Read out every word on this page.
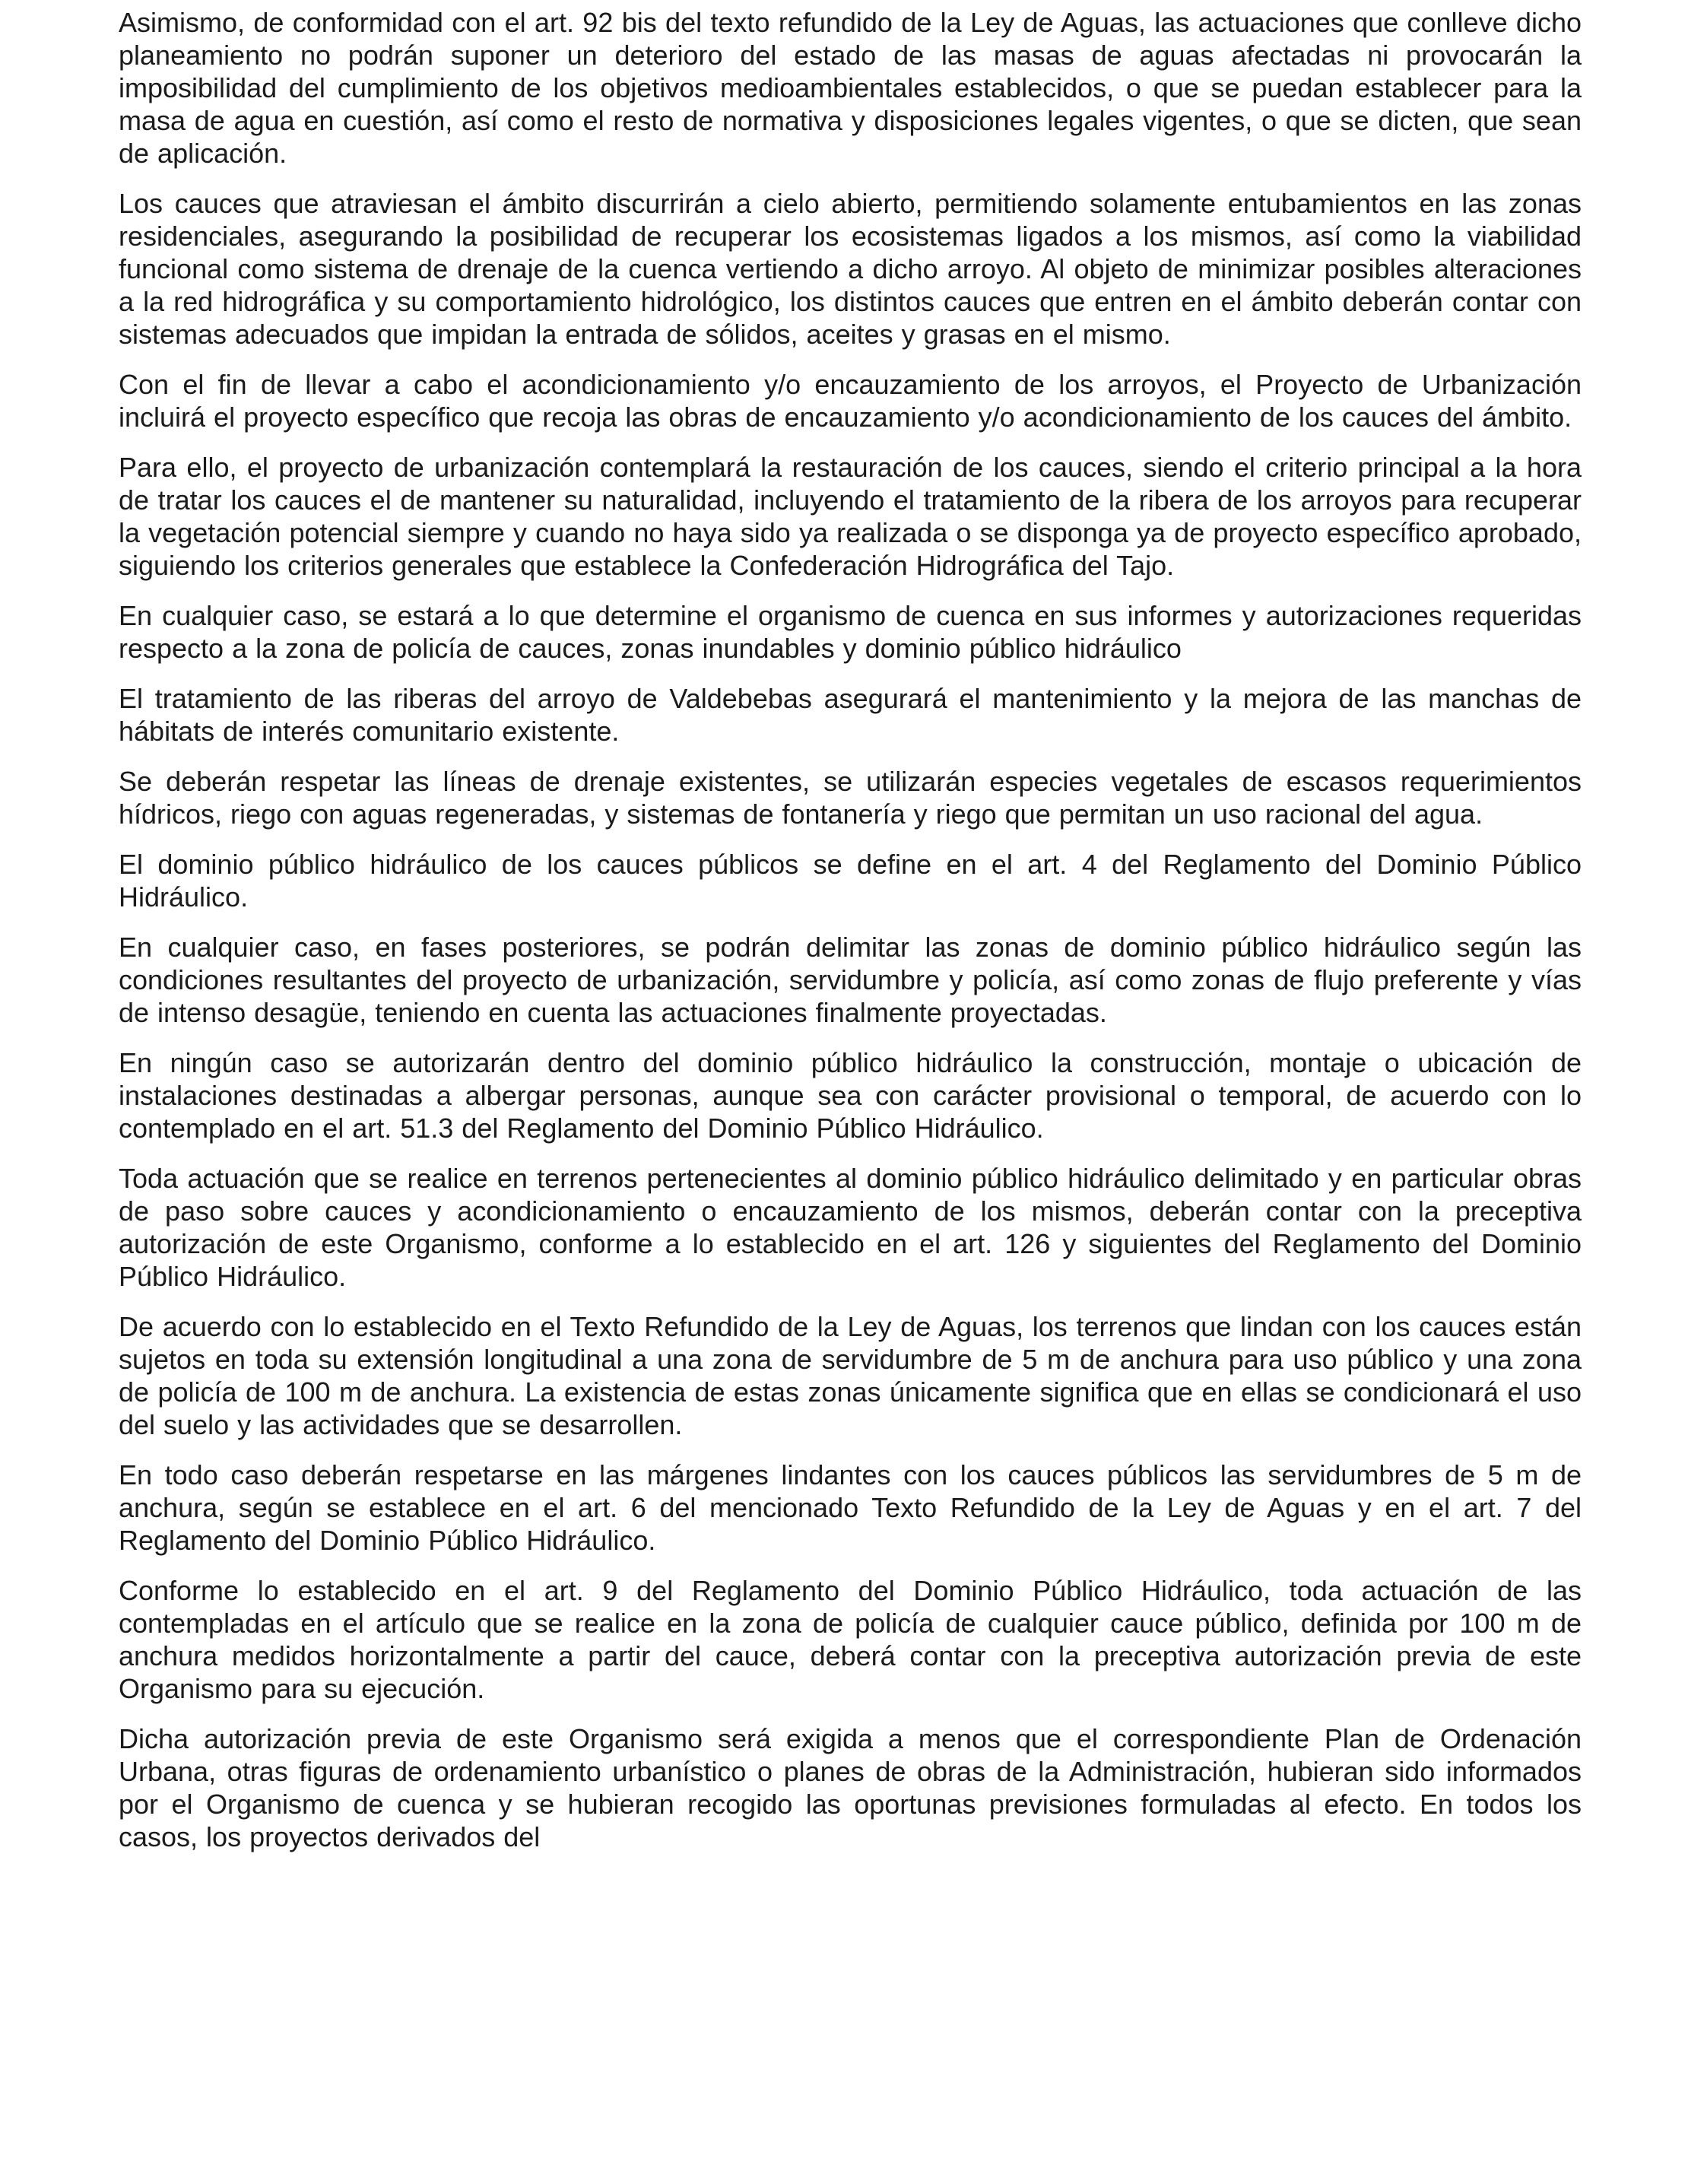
Asimismo, de conformidad con el art. 92 bis del texto refundido de la Ley de Aguas, las actuaciones que conlleve dicho planeamiento no podrán suponer un deterioro del estado de las masas de aguas afectadas ni provocarán la imposibilidad del cumplimiento de los objetivos medioambientales establecidos, o que se puedan establecer para la masa de agua en cuestión, así como el resto de normativa y disposiciones legales vigentes, o que se dicten, que sean de aplicación.

Los cauces que atraviesan el ámbito discurrirán a cielo abierto, permitiendo solamente entubamientos en las zonas residenciales, asegurando la posibilidad de recuperar los ecosistemas ligados a los mismos, así como la viabilidad funcional como sistema de drenaje de la cuenca vertiendo a dicho arroyo. Al objeto de minimizar posibles alteraciones a la red hidrográfica y su comportamiento hidrológico, los distintos cauces que entren en el ámbito deberán contar con sistemas adecuados que impidan la entrada de sólidos, aceites y grasas en el mismo.

Con el fin de llevar a cabo el acondicionamiento y/o encauzamiento de los arroyos, el Proyecto de Urbanización incluirá el proyecto específico que recoja las obras de encauzamiento y/o acondicionamiento de los cauces del ámbito.

Para ello, el proyecto de urbanización contemplará la restauración de los cauces, siendo el criterio principal a la hora de tratar los cauces el de mantener su naturalidad, incluyendo el tratamiento de la ribera de los arroyos para recuperar la vegetación potencial siempre y cuando no haya sido ya realizada o se disponga ya de proyecto específico aprobado, siguiendo los criterios generales que establece la Confederación Hidrográfica del Tajo.

En cualquier caso, se estará a lo que determine el organismo de cuenca en sus informes y autorizaciones requeridas respecto a la zona de policía de cauces, zonas inundables y dominio público hidráulico

El tratamiento de las riberas del arroyo de Valdebebas asegurará el mantenimiento y la mejora de las manchas de hábitats de interés comunitario existente.

Se deberán respetar las líneas de drenaje existentes, se utilizarán especies vegetales de escasos requerimientos hídricos, riego con aguas regeneradas, y sistemas de fontanería y riego que permitan un uso racional del agua.

El dominio público hidráulico de los cauces públicos se define en el art. 4 del Reglamento del Dominio Público Hidráulico.

En cualquier caso, en fases posteriores, se podrán delimitar las zonas de dominio público hidráulico según las condiciones resultantes del proyecto de urbanización, servidumbre y policía, así como zonas de flujo preferente y vías de intenso desagüe, teniendo en cuenta las actuaciones finalmente proyectadas.

En ningún caso se autorizarán dentro del dominio público hidráulico la construcción, montaje o ubicación de instalaciones destinadas a albergar personas, aunque sea con carácter provisional o temporal, de acuerdo con lo contemplado en el art. 51.3 del Reglamento del Dominio Público Hidráulico.

Toda actuación que se realice en terrenos pertenecientes al dominio público hidráulico delimitado y en particular obras de paso sobre cauces y acondicionamiento o encauzamiento de los mismos, deberán contar con la preceptiva autorización de este Organismo, conforme a lo establecido en el art. 126 y siguientes del Reglamento del Dominio Público Hidráulico.

De acuerdo con lo establecido en el Texto Refundido de la Ley de Aguas, los terrenos que lindan con los cauces están sujetos en toda su extensión longitudinal a una zona de servidumbre de 5 m de anchura para uso público y una zona de policía de 100 m de anchura. La existencia de estas zonas únicamente significa que en ellas se condicionará el uso del suelo y las actividades que se desarrollen.

En todo caso deberán respetarse en las márgenes lindantes con los cauces públicos las servidumbres de 5 m de anchura, según se establece en el art. 6 del mencionado Texto Refundido de la Ley de Aguas y en el art. 7 del Reglamento del Dominio Público Hidráulico.

Conforme lo establecido en el art. 9 del Reglamento del Dominio Público Hidráulico, toda actuación de las contempladas en el artículo que se realice en la zona de policía de cualquier cauce público, definida por 100 m de anchura medidos horizontalmente a partir del cauce, deberá contar con la preceptiva autorización previa de este Organismo para su ejecución.

Dicha autorización previa de este Organismo será exigida a menos que el correspondiente Plan de Ordenación Urbana, otras figuras de ordenamiento urbanístico o planes de obras de la Administración, hubieran sido informados por el Organismo de cuenca y se hubieran recogido las oportunas previsiones formuladas al efecto. En todos los casos, los proyectos derivados del
